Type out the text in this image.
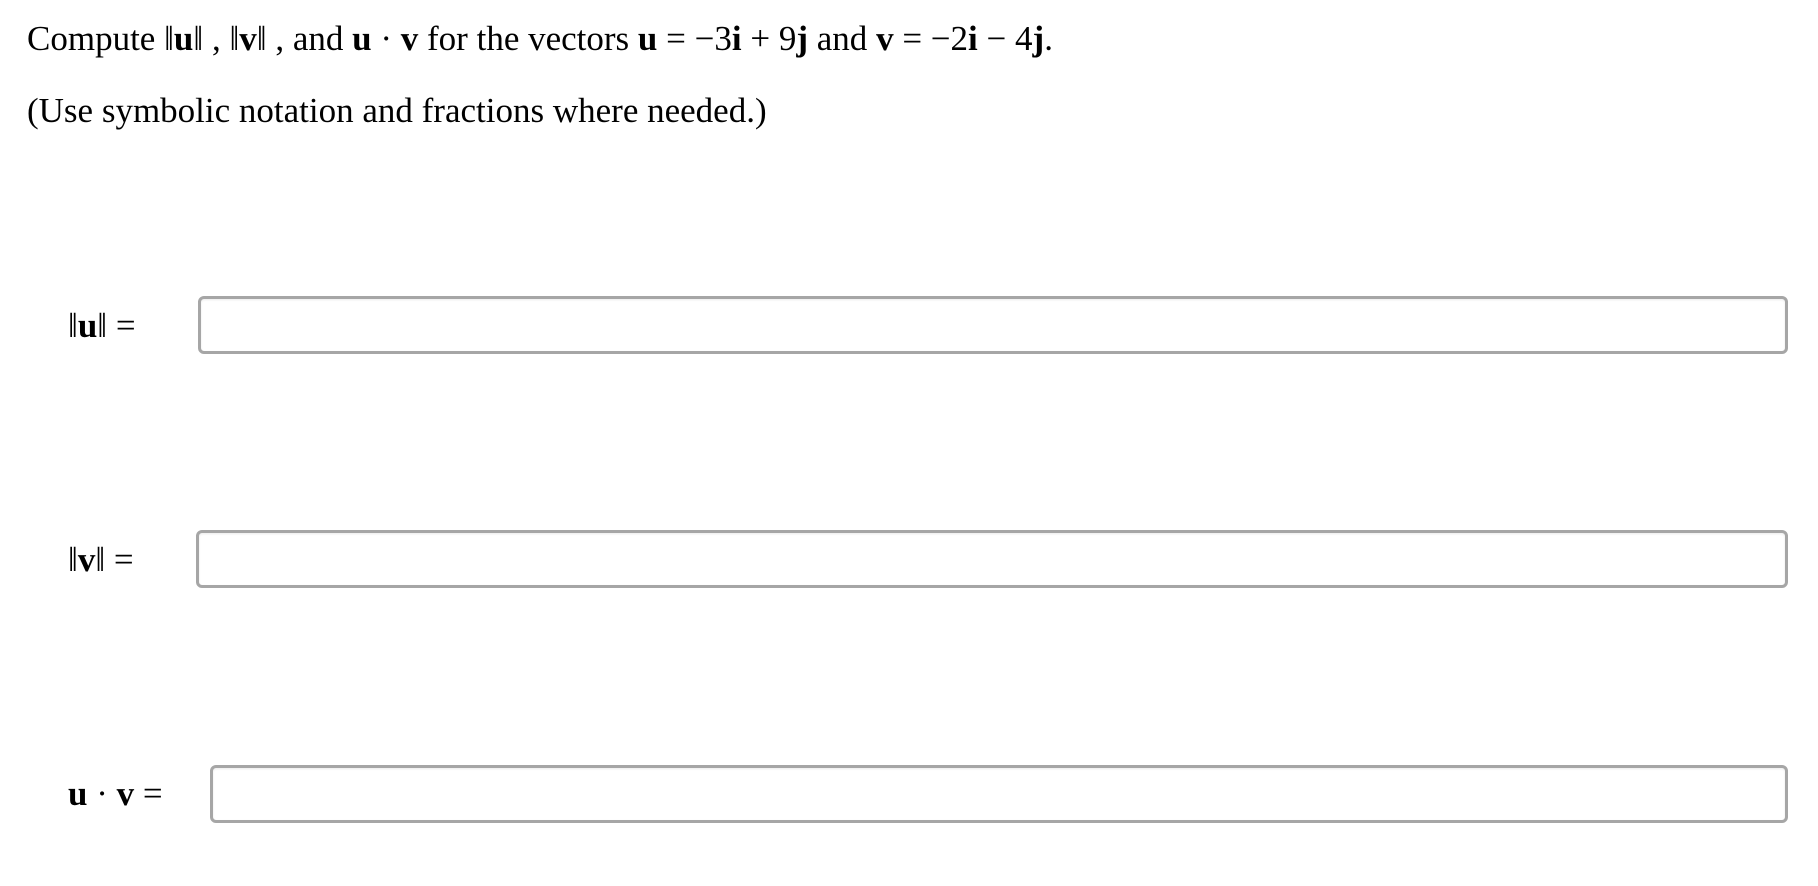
Compute ‖u‖ , ‖v‖ , and u · v for the vectors u = −3i + 9j and v = −2i − 4j.
(Use symbolic notation and fractions where needed.)
‖u‖ =
‖v‖ =
u · v =
